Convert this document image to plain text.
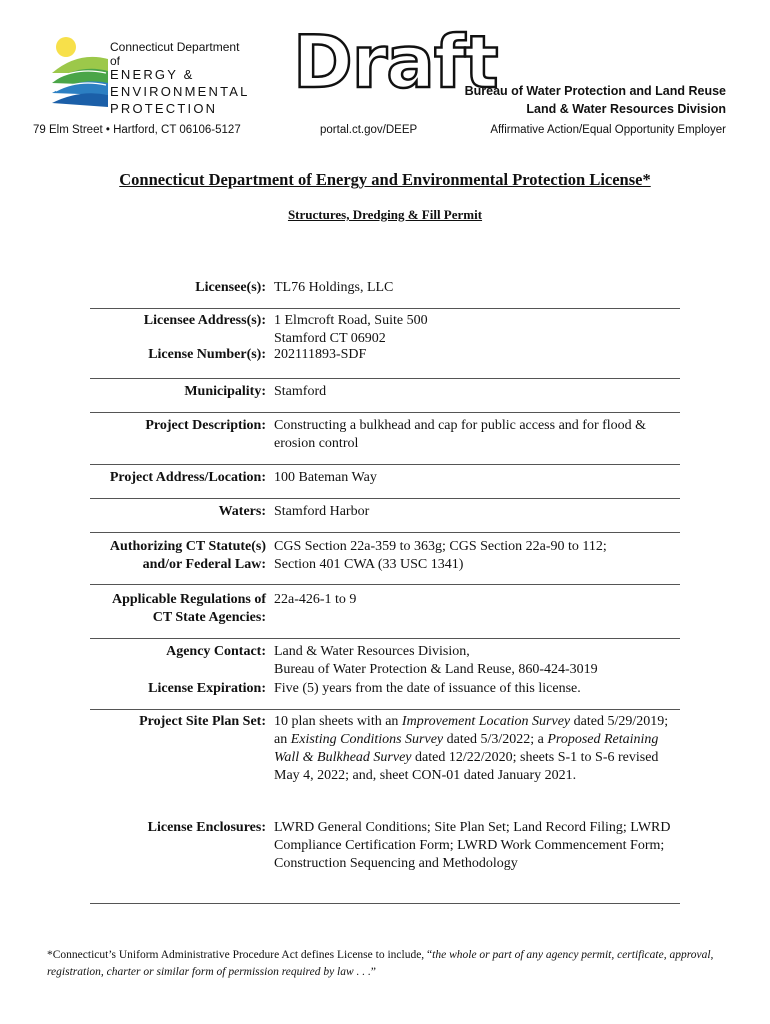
Connecticut Department of
ENERGY &
ENVIRONMENTAL
PROTECTION
Draft
Bureau of Water Protection and Land Reuse
Land & Water Resources Division
79 Elm Street • Hartford, CT 06106-5127	portal.ct.gov/DEEP	Affirmative Action/Equal Opportunity Employer
Connecticut Department of Energy and Environmental Protection License*
Structures, Dredging & Fill Permit
Licensee(s): TL76 Holdings, LLC
Licensee Address(s): 1 Elmcroft Road, Suite 500
Stamford CT 06902
License Number(s): 202111893-SDF
Municipality: Stamford
Project Description: Constructing a bulkhead and cap for public access and for flood &
erosion control
Project Address/Location: 100 Bateman Way
Waters: Stamford Harbor
Authorizing CT Statute(s)
and/or Federal Law:
CGS Section 22a-359 to 363g; CGS Section 22a-90 to 112;
Section 401 CWA (33 USC 1341)
Applicable Regulations of
CT State Agencies:
22a-426-1 to 9
Agency Contact: Land & Water Resources Division,
Bureau of Water Protection & Land Reuse, 860-424-3019
License Expiration: Five (5) years from the date of issuance of this license.
Project Site Plan Set: 10 plan sheets with an Improvement Location Survey dated 5/29/2019; an Existing Conditions Survey dated 5/3/2022; a Proposed Retaining Wall & Bulkhead Survey dated 12/22/2020; sheets S-1 to S-6 revised May 4, 2022; and, sheet CON-01 dated January 2021.
License Enclosures: LWRD General Conditions; Site Plan Set; Land Record Filing; LWRD Compliance Certification Form; LWRD Work Commencement Form; Construction Sequencing and Methodology
*Connecticut’s Uniform Administrative Procedure Act defines License to include, “the whole or part of any agency permit, certificate, approval, registration, charter or similar form of permission required by law . . .”
